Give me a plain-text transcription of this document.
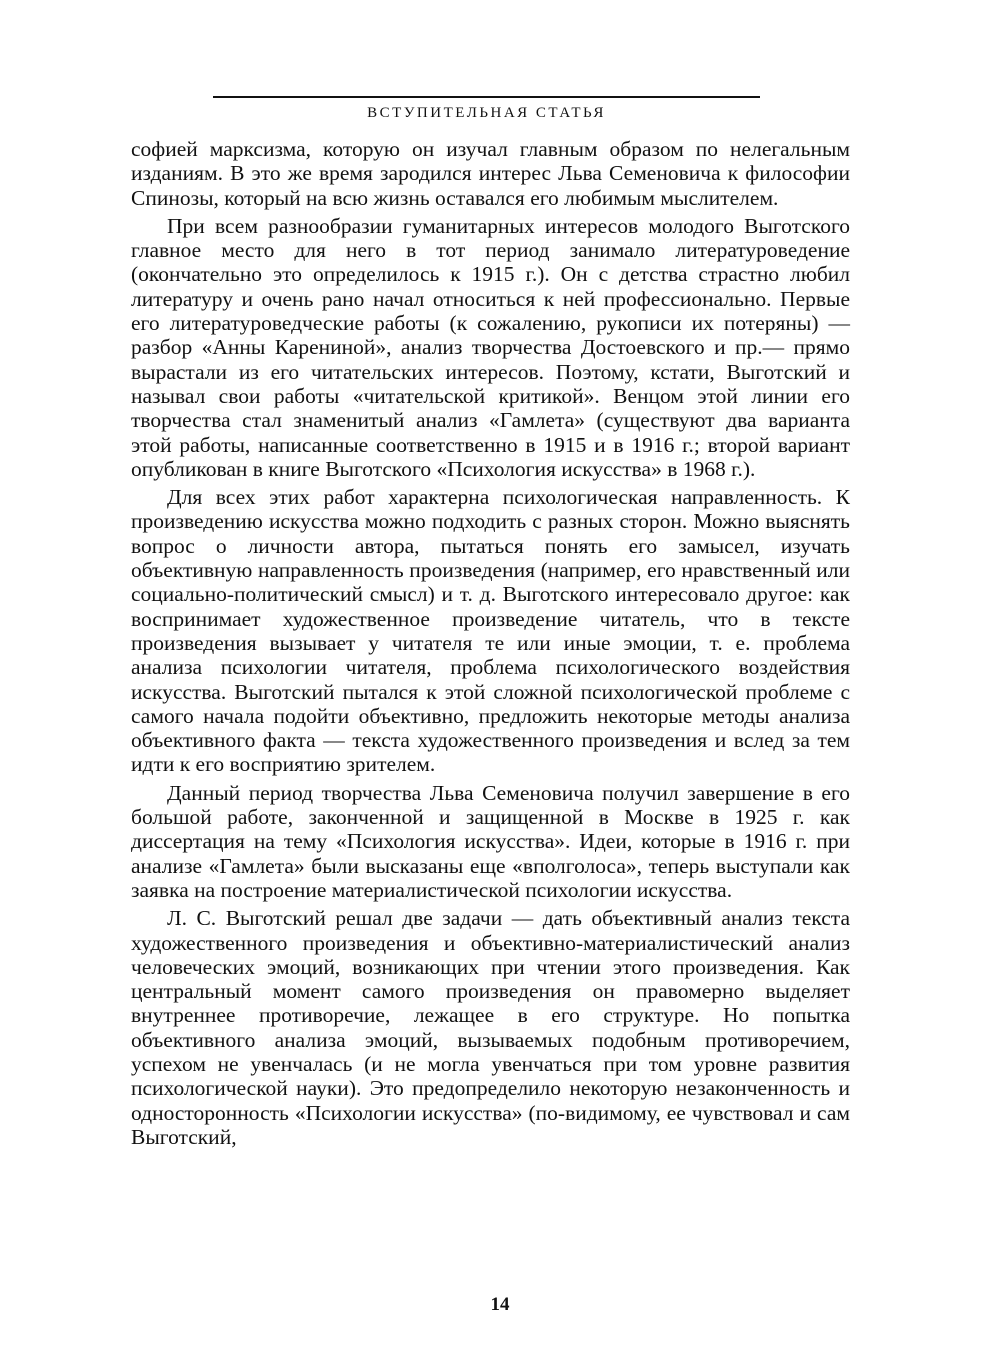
ВСТУПИТЕЛЬНАЯ СТАТЬЯ

софией марксизма, которую он изучал главным образом по нелегальным изданиям. В это же время зародился интерес Льва Семеновича к философии Спинозы, который на всю жизнь оставался его любимым мыслителем.

При всем разнообразии гуманитарных интересов молодого Выготского главное место для него в тот период занимало литературоведение (окончательно это определилось к 1915 г.). Он с детства страстно любил литературу и очень рано начал относиться к ней профессионально. Первые его литературоведческие работы (к сожалению, рукописи их потеряны) — разбор «Анны Карениной», анализ творчества Достоевского и пр.— прямо вырастали из его читательских интересов. Поэтому, кстати, Выготский и называл свои работы «читательской критикой». Венцом этой линии его творчества стал знаменитый анализ «Гамлета» (существуют два варианта этой работы, написанные соответственно в 1915 и в 1916 г.; второй вариант опубликован в книге Выготского «Психология искусства» в 1968 г.).

Для всех этих работ характерна психологическая направленность. К произведению искусства можно подходить с разных сторон. Можно выяснять вопрос о личности автора, пытаться понять его замысел, изучать объективную направленность произведения (например, его нравственный или социально-политический смысл) и т. д. Выготского интересовало другое: как воспринимает художественное произведение читатель, что в тексте произведения вызывает у читателя те или иные эмоции, т. е. проблема анализа психологии читателя, проблема психологического воздействия искусства. Выготский пытался к этой сложной психологической проблеме с самого начала подойти объективно, предложить некоторые методы анализа объективного факта — текста художественного произведения и вслед за тем идти к его восприятию зрителем.

Данный период творчества Льва Семеновича получил завершение в его большой работе, законченной и защищенной в Москве в 1925 г. как диссертация на тему «Психология искусства». Идеи, которые в 1916 г. при анализе «Гамлета» были высказаны еще «вполголоса», теперь выступали как заявка на построение материалистической психологии искусства.

Л. С. Выготский решал две задачи — дать объективный анализ текста художественного произведения и объективно-материалистический анализ человеческих эмоций, возникающих при чтении этого произведения. Как центральный момент самого произведения он правомерно выделяет внутреннее противоречие, лежащее в его структуре. Но попытка объективного анализа эмоций, вызываемых подобным противоречием, успехом не увенчалась (и не могла увенчаться при том уровне развития психологической науки). Это предопределило некоторую незаконченность и односторонность «Психологии искусства» (по-видимому, ее чувствовал и сам Выготский,

14
